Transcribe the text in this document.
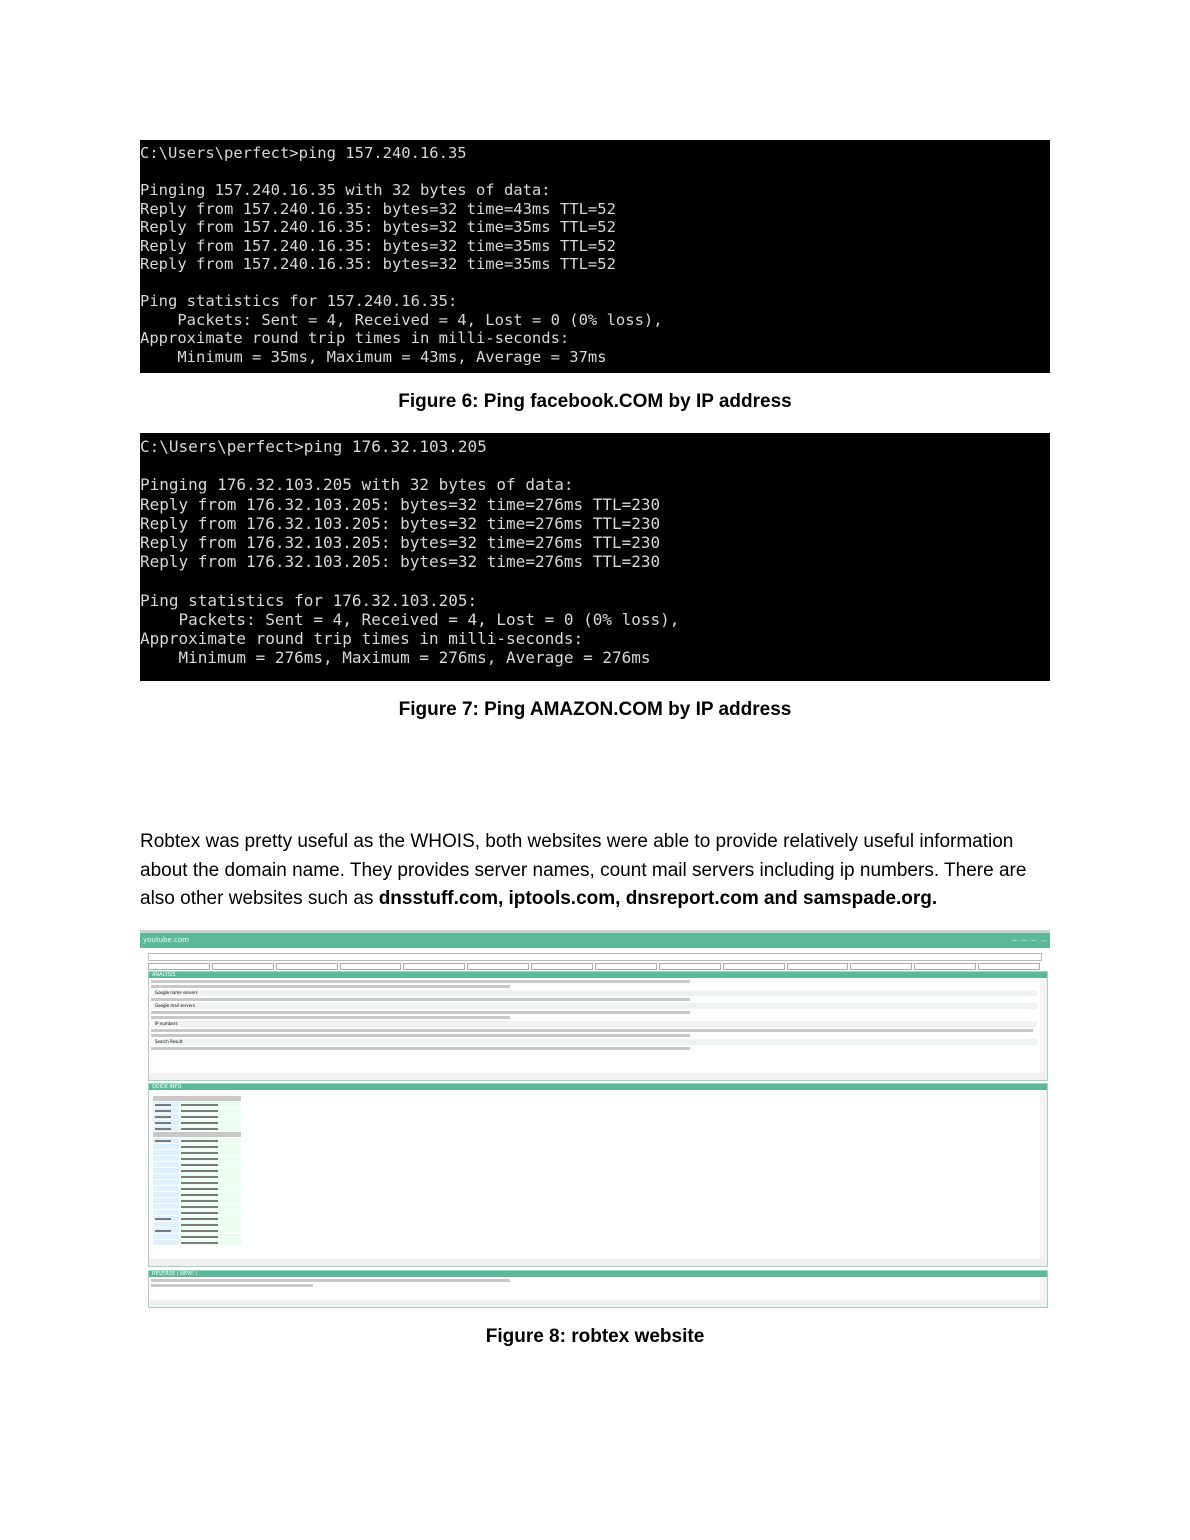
C:\Users\perfect>ping 157.240.16.35
Pinging 157.240.16.35 with 32 bytes of data:
Reply from 157.240.16.35: bytes=32 time=43ms TTL=52
Reply from 157.240.16.35: bytes=32 time=35ms TTL=52
Reply from 157.240.16.35: bytes=32 time=35ms TTL=52
Reply from 157.240.16.35: bytes=32 time=35ms TTL=52
Ping statistics for 157.240.16.35:
Packets: Sent = 4, Received = 4, Lost = 0 (0% loss),
Approximate round trip times in milli-seconds:
Minimum = 35ms, Maximum = 43ms, Average = 37ms
Figure 6: Ping facebook.COM by IP address
C:\Users\perfect>ping 176.32.103.205
Pinging 176.32.103.205 with 32 bytes of data:
Reply from 176.32.103.205: bytes=32 time=276ms TTL=230
Reply from 176.32.103.205: bytes=32 time=276ms TTL=230
Reply from 176.32.103.205: bytes=32 time=276ms TTL=230
Reply from 176.32.103.205: bytes=32 time=276ms TTL=230
Ping statistics for 176.32.103.205:
Packets: Sent = 4, Received = 4, Lost = 0 (0% loss),
Approximate round trip times in milli-seconds:
Minimum = 276ms, Maximum = 276ms, Average = 276ms
Figure 7: Ping AMAZON.COM by IP address
Robtex was pretty useful as the WHOIS, both websites were able to provide relatively useful information about the domain name. They provides server names, count mail servers including ip numbers. There are also other websites such as dnsstuff.com, iptools.com, dnsreport.com and samspade.org.
youtube.com	— — — —
ANALYSIS
Google name servers
Google mail servers
IP numbers
Search Result
QUICK INFO
REVERSE ( NEW! )
Figure 8: robtex website
